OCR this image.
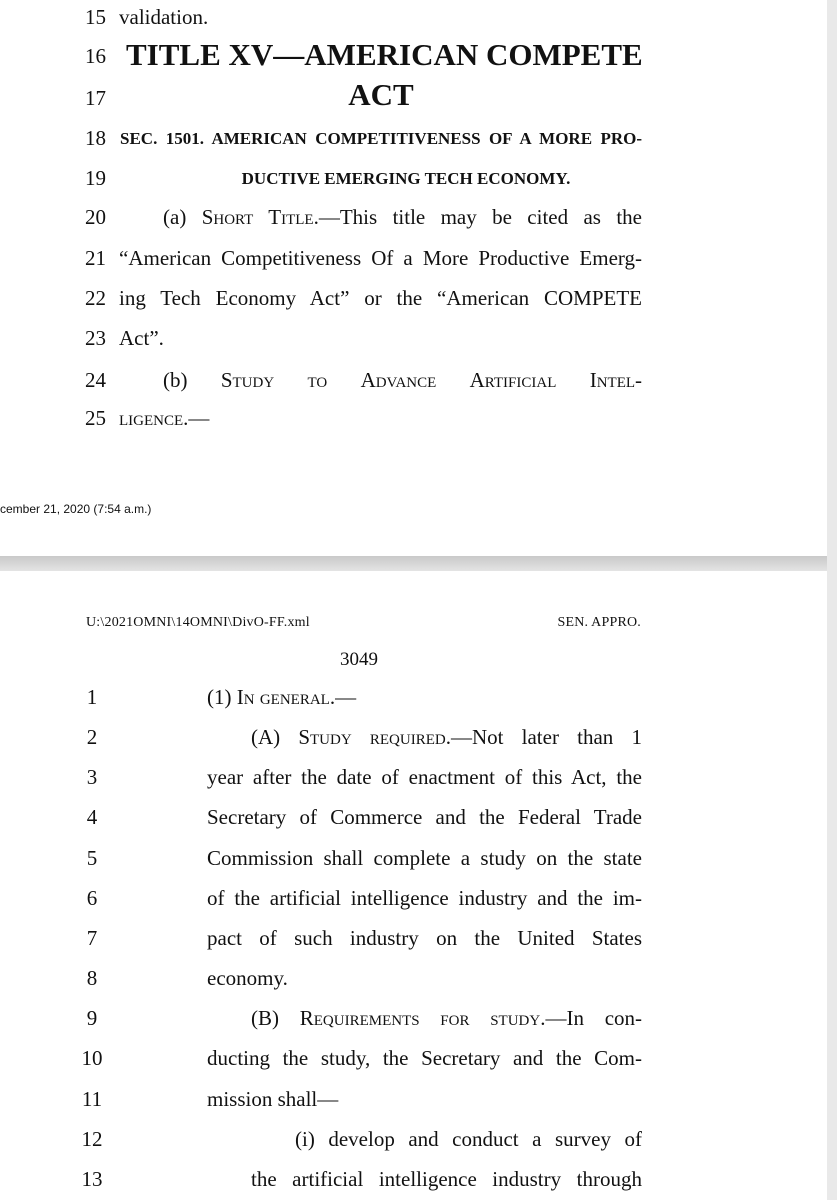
15 validation.
16 TITLE XV—AMERICAN COMPETE
17	ACT
18 SEC. 1501. AMERICAN COMPETITIVENESS OF A MORE PRO-
19	DUCTIVE EMERGING TECH ECONOMY.
20	(a) Short Title.—This title may be cited as the
21 “American Competitiveness Of a More Productive Emerg-
22 ing Tech Economy Act” or the “American COMPETE
23 Act”.
24	(b) Study to Advance Artificial Intel-
25 ligence.—
cember 21, 2020 (7:54 a.m.)
U:\2021OMNI\14OMNI\DivO-FF.xml	SEN. APPRO.
3049
1	(1) In general.—
2	(A) Study required.—Not later than 1
3	year after the date of enactment of this Act, the
4	Secretary of Commerce and the Federal Trade
5	Commission shall complete a study on the state
6	of the artificial intelligence industry and the im-
7	pact of such industry on the United States
8	economy.
9	(B) Requirements for study.—In con-
10	ducting the study, the Secretary and the Com-
11	mission shall—
12	(i) develop and conduct a survey of
13	the artificial intelligence industry through
